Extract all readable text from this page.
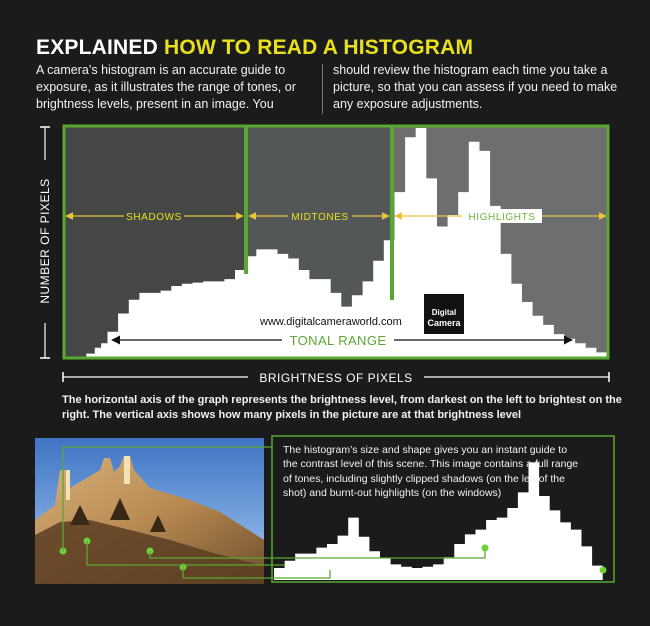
EXPLAINED HOW TO READ A HISTOGRAM
A camera’s histogram is an accurate guide to exposure, as it illustrates the range of tones, or brightness levels, present in an image. You
should review the histogram each time you take a picture, so that you can assess if you need to make any exposure adjustments.
SHADOWS	MIDTONES	HIGHLIGHTS
www.digitalcameraworld.com
Digital
Camera
TONAL RANGE
NUMBER OF PIXELS
BRIGHTNESS OF PIXELS
The horizontal axis of the graph represents the brightness level, from darkest on the left to brightest on the right. The vertical axis shows how many pixels in the picture are at that brightness level
The histogram’s size and shape gives you an instant guide to the contrast level of this scene. This image contains a full range of tones, including slightly clipped shadows (on the left of the shot) and burnt-out highlights (on the windows)
